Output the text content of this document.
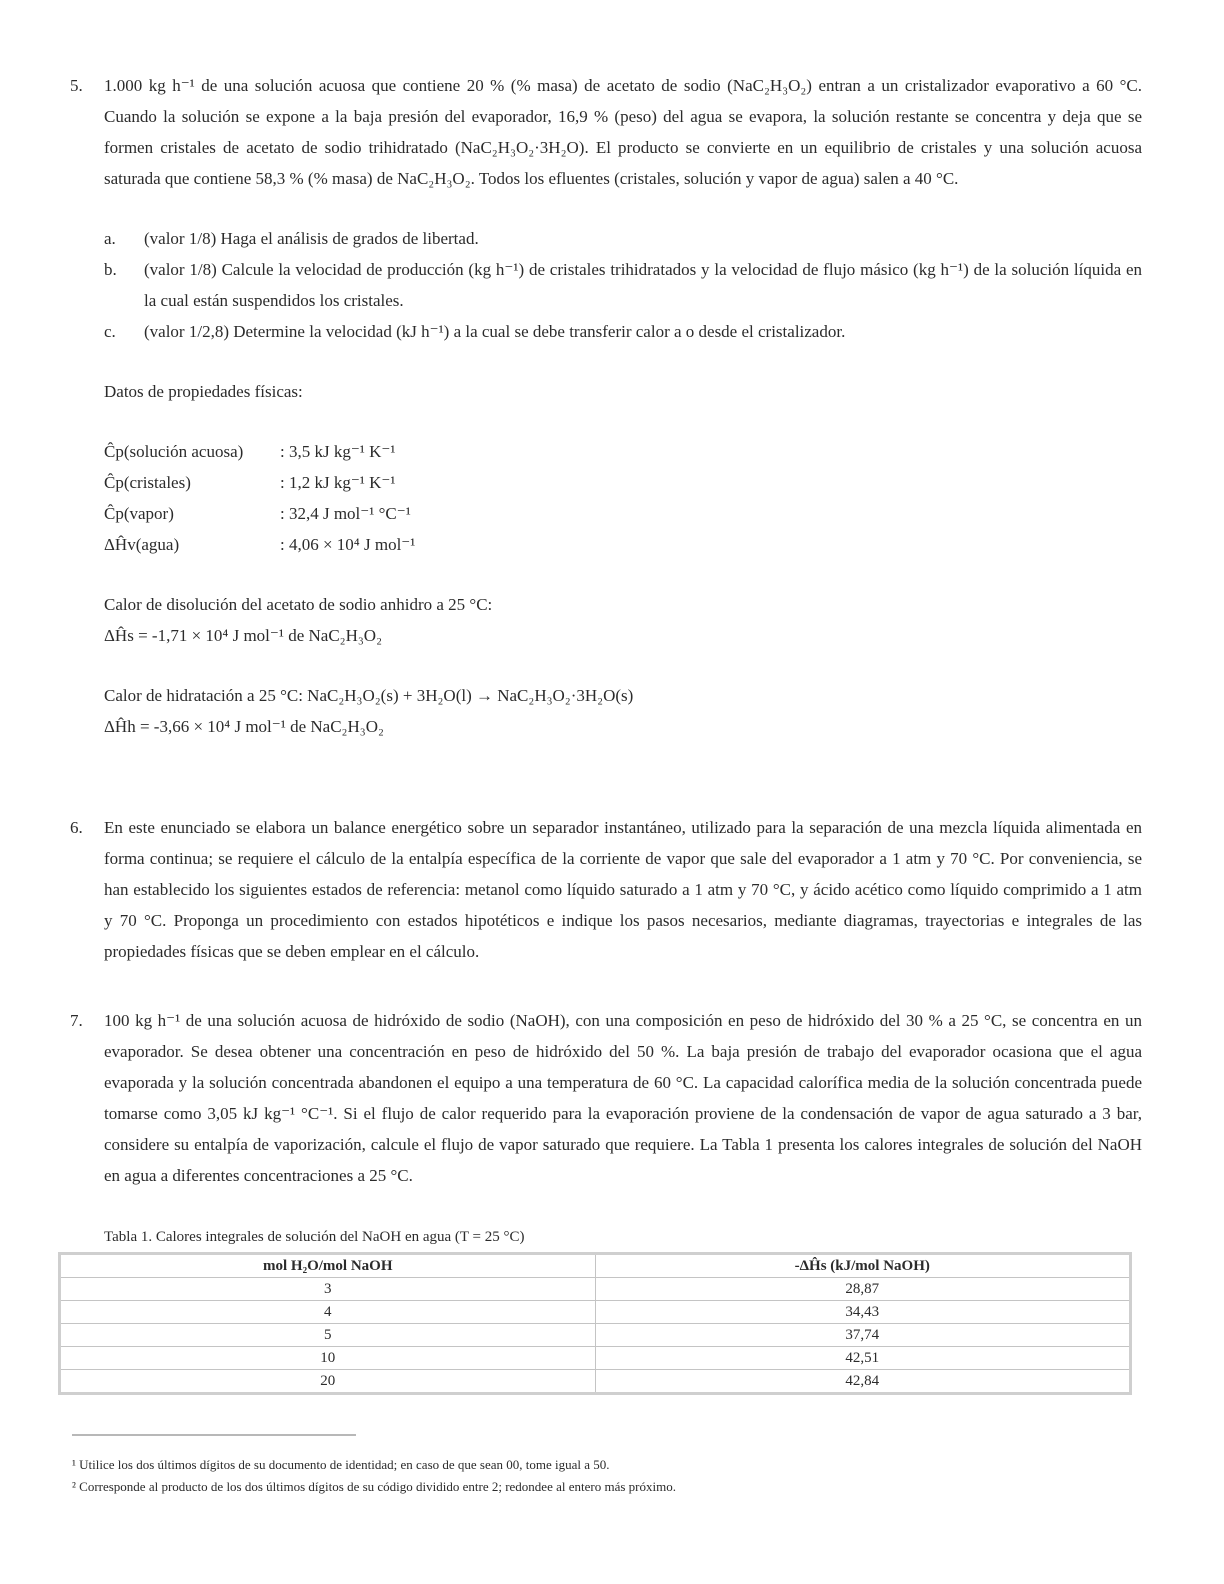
5.	1.000 kg h⁻¹ de una solución acuosa que contiene 20 % (% masa) de acetato de sodio (NaC₂H₃O₂) entran a un cristalizador evaporativo a 60 °C. Cuando la solución se expone a la baja presión del evaporador, 16,9 % (peso) del agua se evapora, la solución restante se concentra y deja que se formen cristales de acetato de sodio trihidratado (NaC₂H₃O₂·3H₂O). El producto se convierte en un equilibrio de cristales y una solución acuosa saturada que contiene 58,3 % (% masa) de NaC₂H₃O₂. Todos los efluentes (cristales, solución y vapor de agua) salen a 40 °C.
a.	(valor 1/8) Haga el análisis de grados de libertad.
b.	(valor 1/8) Calcule la velocidad de producción (kg h⁻¹) de cristales trihidratados y la velocidad de flujo másico (kg h⁻¹) de la solución líquida en la cual están suspendidos los cristales.
c.	(valor 1/2,8) Determine la velocidad (kJ h⁻¹) a la cual se debe transferir calor a o desde el cristalizador.
Datos de propiedades físicas:
Ĉp(solución acuosa)	: 3,5 kJ kg⁻¹ K⁻¹
Ĉp(cristales)	: 1,2 kJ kg⁻¹ K⁻¹
Ĉp(vapor)	: 32,4 J mol⁻¹ °C⁻¹
ΔĤv(agua)	: 4,06 × 10⁴ J mol⁻¹
Calor de disolución del acetato de sodio anhidro a 25 °C:
ΔĤs = -1,71 × 10⁴ J mol⁻¹ de NaC₂H₃O₂
Calor de hidratación a 25 °C: NaC₂H₃O₂(s) + 3H₂O(l) → NaC₂H₃O₂·3H₂O(s)
ΔĤh = -3,66 × 10⁴ J mol⁻¹ de NaC₂H₃O₂
6.	En este enunciado se elabora un balance energético sobre un separador instantáneo, utilizado para la separación de una mezcla líquida alimentada en forma continua; se requiere el cálculo de la entalpía específica de la corriente de vapor que sale del evaporador a 1 atm y 70 °C. Por conveniencia, se han establecido los siguientes estados de referencia: metanol como líquido saturado a 1 atm y 70 °C, y ácido acético como líquido comprimido a 1 atm y 70 °C. Proponga un procedimiento con estados hipotéticos e indique los pasos necesarios, mediante diagramas, trayectorias e integrales de las propiedades físicas que se deben emplear en el cálculo.
7.	100 kg h⁻¹ de una solución acuosa de hidróxido de sodio (NaOH), con una composición en peso de hidróxido del 30 % a 25 °C, se concentra en un evaporador. Se desea obtener una concentración en peso de hidróxido del 50 %. La baja presión de trabajo del evaporador ocasiona que el agua evaporada y la solución concentrada abandonen el equipo a una temperatura de 60 °C. La capacidad calorífica media de la solución concentrada puede tomarse como 3,05 kJ kg⁻¹ °C⁻¹. Si el flujo de calor requerido para la evaporación proviene de la condensación de vapor de agua saturado a 3 bar, considere su entalpía de vaporización, calcule el flujo de vapor saturado que requiere. La Tabla 1 presenta los calores integrales de solución del NaOH en agua a diferentes concentraciones a 25 °C.
Tabla 1. Calores integrales de solución del NaOH en agua (T = 25 °C)
mol H₂O/mol NaOH	-ΔĤs (kJ/mol NaOH)
3	28,87
4	34,43
5	37,74
10	42,51
20	42,84
¹ Utilice los dos últimos dígitos de su documento de identidad; en caso de que sean 00, tome igual a 50.
² Corresponde al producto de los dos últimos dígitos de su código dividido entre 2; redondee al entero más próximo.
